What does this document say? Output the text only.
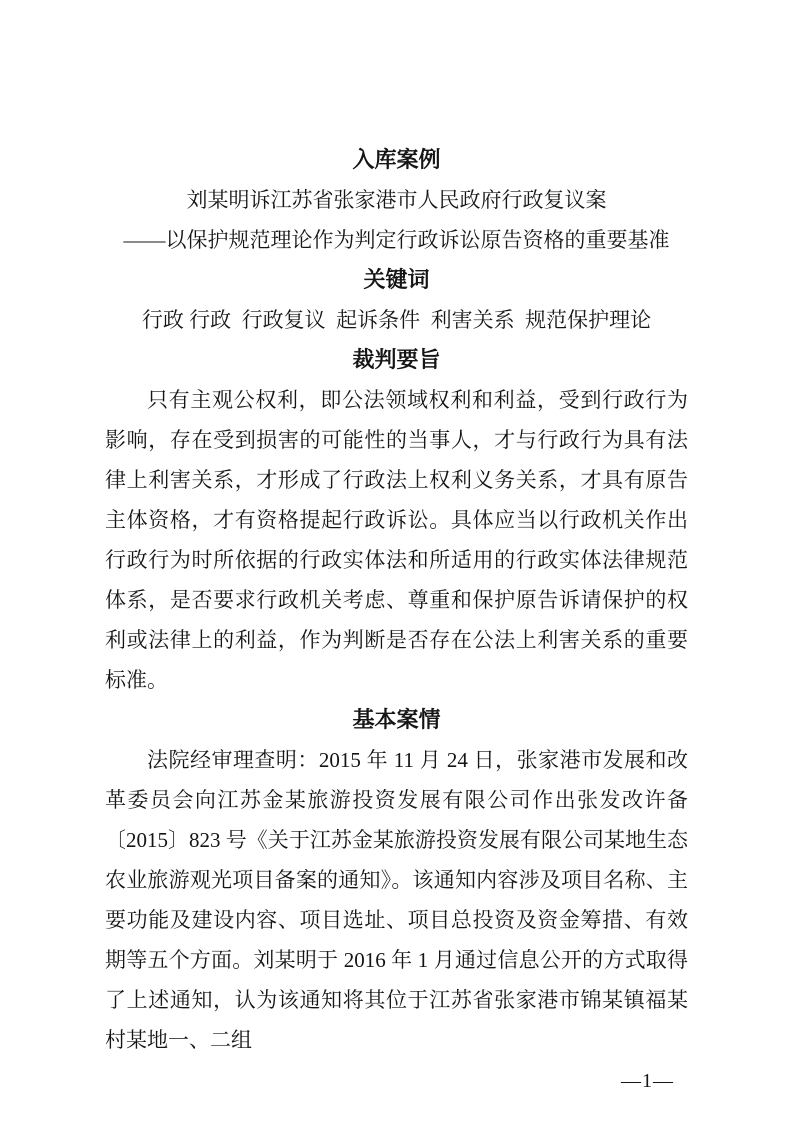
入库案例
刘某明诉江苏省张家港市人民政府行政复议案
——以保护规范理论作为判定行政诉讼原告资格的重要基准
关键词
行政 行政  行政复议  起诉条件  利害关系  规范保护理论
裁判要旨
只有主观公权利，即公法领域权利和利益，受到行政行为影响，存在受到损害的可能性的当事人，才与行政行为具有法律上利害关系，才形成了行政法上权利义务关系，才具有原告主体资格，才有资格提起行政诉讼。具体应当以行政机关作出行政行为时所依据的行政实体法和所适用的行政实体法律规范体系，是否要求行政机关考虑、尊重和保护原告诉请保护的权利或法律上的利益，作为判断是否存在公法上利害关系的重要标准。
基本案情
法院经审理查明：2015 年 11 月 24 日，张家港市发展和改革委员会向江苏金某旅游投资发展有限公司作出张发改许备〔2015〕823 号《关于江苏金某旅游投资发展有限公司某地生态农业旅游观光项目备案的通知》。该通知内容涉及项目名称、主要功能及建设内容、项目选址、项目总投资及资金筹措、有效期等五个方面。刘某明于 2016 年 1 月通过信息公开的方式取得了上述通知，认为该通知将其位于江苏省张家港市锦某镇福某村某地一、二组
—1—
